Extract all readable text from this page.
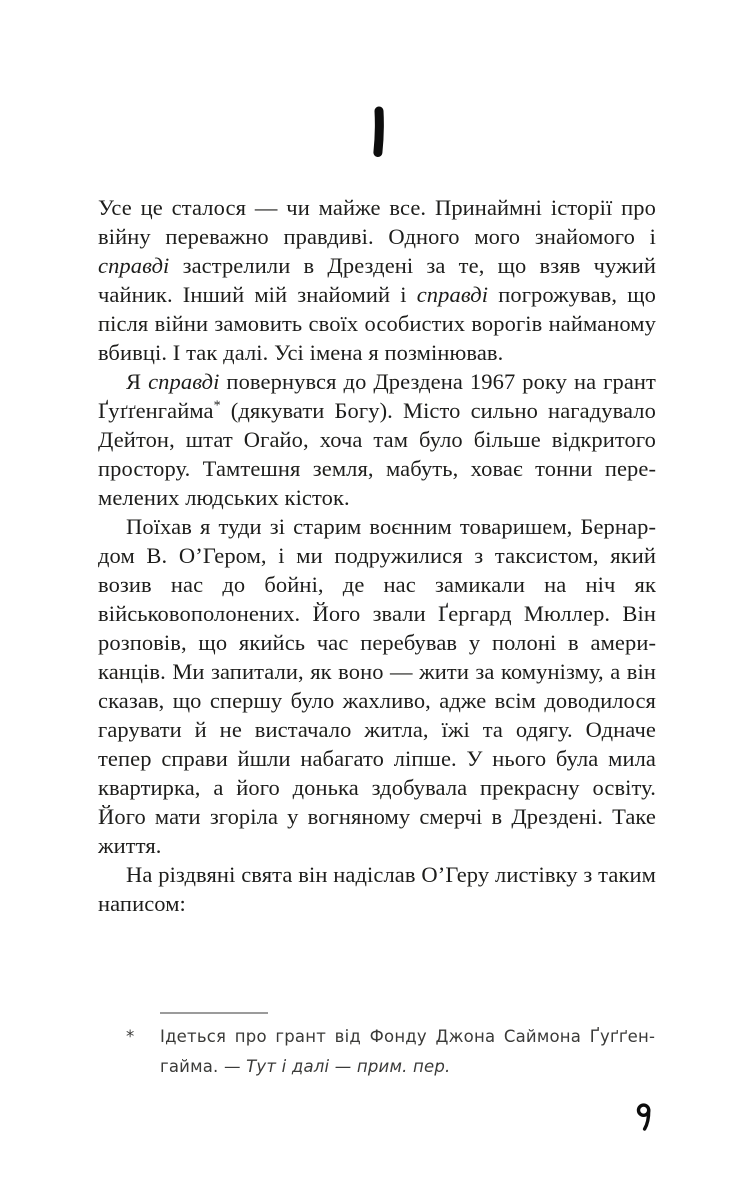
Усе це сталося — чи майже все. Принаймні історії про війну переважно правдиві. Одного мого знайомого і справді застрелили в Дрездені за те, що взяв чужий чайник. Інший мій знайомий і справді погрожував, що після війни замовить своїх особистих ворогів найманому вбивці. І так далі. Усі імена я позмінював.

Я справді повернувся до Дрездена 1967 року на грант Ґуґґенгайма* (дякувати Богу). Місто сильно нагадувало Дейтон, штат Огайо, хоча там було більше відкритого простору. Тамтешня земля, мабуть, ховає тонни перемелених людських кісток.

Поїхав я туди зі старим воєнним товаришем, Бернардом В. О’Гером, і ми подружилися з таксистом, який возив нас до бойні, де нас замикали на ніч як військовополонених. Його звали Ґергард Мюллер. Він розповів, що якийсь час перебував у полоні в американців. Ми запитали, як воно — жити за комунізму, а він сказав, що спершу було жахливо, адже всім доводилося гарувати й не вистачало житла, їжі та одягу. Одначе тепер справи йшли набагато ліпше. У нього була мила квартирка, а його донька здобувала прекрасну освіту. Його мати згоріла у вогняному смерчі в Дрездені. Таке життя.

На різдвяні свята він надіслав О’Геру листівку з таким написом:

*	Ідеться про грант від Фонду Джона Саймона Ґуґґенгайма. — Тут і далі — прим. пер.
